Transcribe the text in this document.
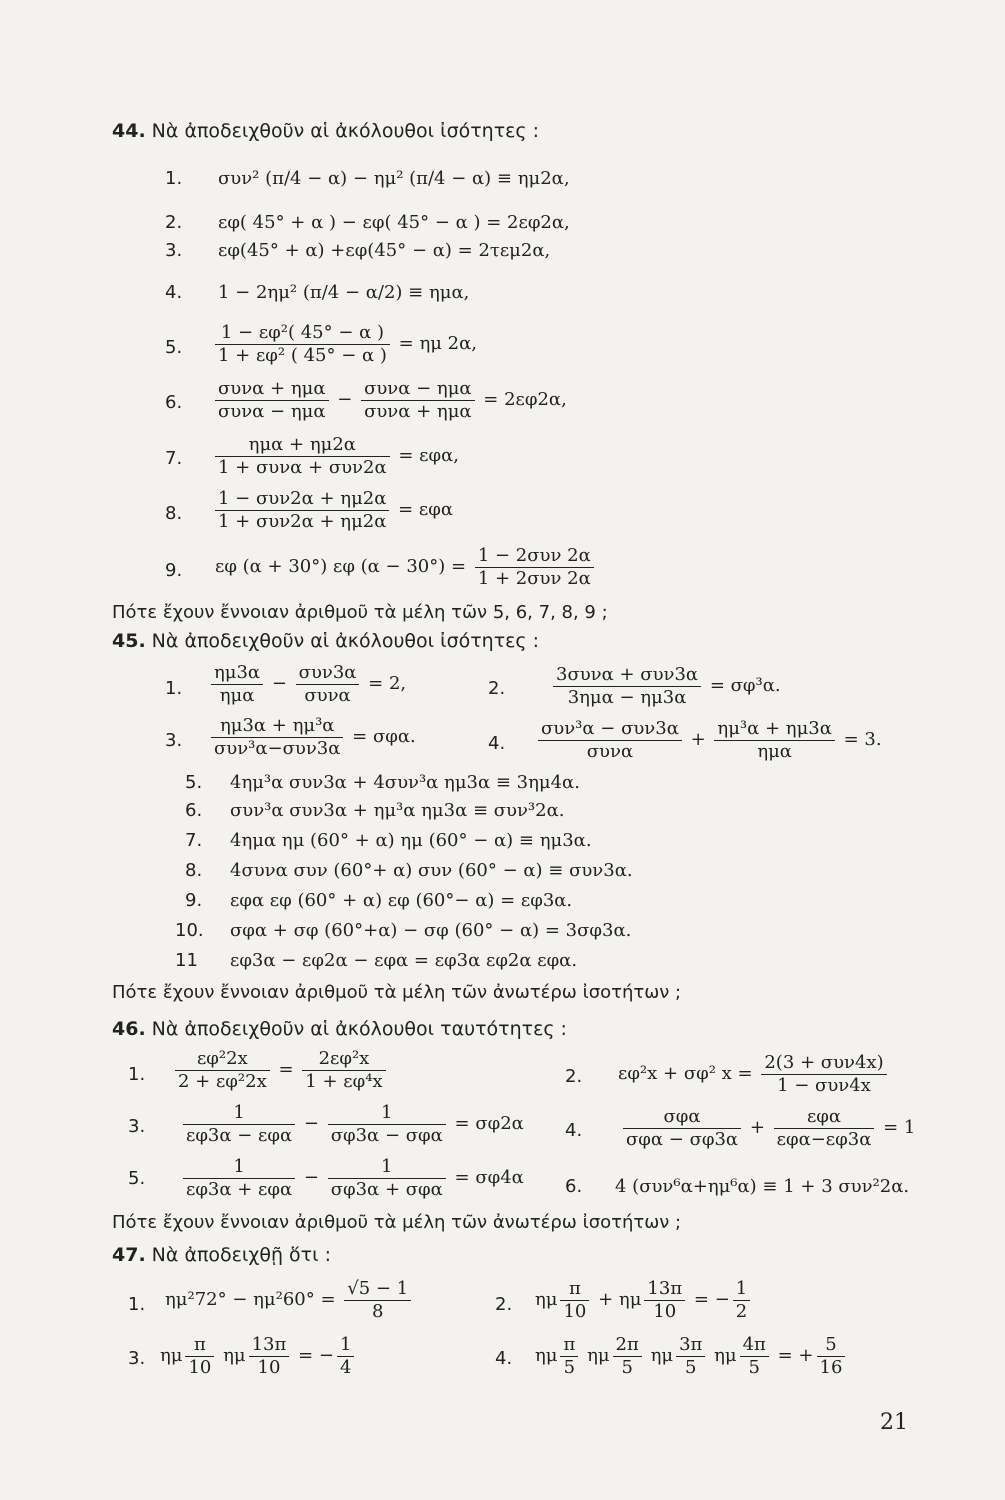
44. Νὰ ἀποδειχθοῦν αἱ ἀκόλουθοι ἰσότητες :
1. συν² (π/4 − α) − ημ² (π/4 − α) ≡ ημ2α,
2. εφ( 45° + α ) − εφ( 45° − α ) = 2εφ2α,
3. εφ(45° + α) +εφ(45° − α) = 2τεμ2α,
4. 1 − 2ημ² (π/4 − α/2) ≡ ημα,
5. $\frac{\text{1 − εφ²( 45° − α )}}{\text{1 + εφ² ( 45° − α )}} = \eta\mu$ 2α,
6. $\frac{\text{συνα + ημα}}{\text{συνα − ημα}} - \frac{\text{συνα − ημα}}{\text{συνα + ημα}} = 2\varepsilon\varphi 2\alpha$,
7. $\frac{\text{ημα + ημ2α}}{\text{1 + συνα + συν2α}} = \varepsilon\varphi\alpha$,
8. $\frac{\text{1 − συν2α + ημ2α}}{\text{1 + συν2α + ημ2α}} = \varepsilon\varphi\alpha$
9. εφ (α + 30°) εφ $(\alpha - 30^\circ) = \frac{\text{1 − 2συν 2α}}{\text{1 + 2συν 2α}}$
Πότε ἔχουν ἔννοιαν ἀριθμοῦ τὰ μέλη τῶν 5, 6, 7, 8, 9 ;
45. Νὰ ἀποδειχθοῦν αἱ ἀκόλουθοι ἰσότητες :
1. $\frac{\eta\mu 3\alpha}{\text{ημα}} - \frac{\text{συν3α}}{\text{συνα}} = 2$,	2.	$\frac{\text{3συνα + συν3α}}{\text{3ημα − ημ3α}} = \sigma\varphi^3\alpha$.
3. $\frac{\text{ημ3α + ημ³α}}{\text{συν³α−συν3α}} = \sigma\varphi\alpha$.	4. $\frac{\text{συν³α − συν3α}}{\text{συνα}} + \frac{\text{ημ³α + ημ3α}}{\text{ημα}} = 3$.
5. 4ημ³α συν3α + 4συν³α ημ3α ≡ 3ημ4α.
6. συν³α συν3α + ημ³α ημ3α ≡ συν³2α.
7. 4ημα ημ (60° + α) ημ (60° − α) ≡ ημ3α.
8. 4συνα συν (60°+ α) συν (60° − α) ≡ συν3α.
9. εφα εφ (60° + α) εφ (60°− α) = εφ3α.
10. σφα + σφ (60°+α) − σφ (60° − α) = 3σφ3α.
11 εφ3α − εφ2α − εφα = εφ3α εφ2α εφα.
Πότε ἔχουν ἔννοιαν ἀριθμοῦ τὰ μέλη τῶν ἀνωτέρω ἰσοτήτων ;
46. Νὰ ἀποδειχθοῦν αἱ ἀκόλουθοι ταυτότητες :
1. $\frac{\text{εφ²2x}}{\text{2 + εφ²2x}} = \frac{\text{2εφ²x}}{\text{1 + εφ⁴x}}$	2. εφ²x + σφ² $x = \frac{\text{2(3 + συν4x)}}{\text{1 − συν4x}}$
3. $\frac{1}{\text{εφ3α − εφα}} - \frac{1}{\text{σφ3α − σφα}} = \sigma\varphi 2\alpha$ 4. $\frac{\text{σφα}}{\text{σφα − σφ3α}} + \frac{\text{εφα}}{\text{εφα−εφ3α}} = 1$
5. $\frac{1}{\text{εφ3α + εφα}} - \frac{1}{\text{σφ3α + σφα}} = \sigma\varphi 4\alpha$ 6. 4 (συν⁶α+ημ⁶α) ≡ 1 + 3 συν²2α.
Πότε ἔχουν ἔννοιαν ἀριθμοῦ τὰ μέλη τῶν ἀνωτέρω ἰσοτήτων ;
47. Νὰ ἀποδειχθῇ ὅτι :
1. $\eta\mu^272^\circ - \eta\mu^260^\circ = \frac{√5 - 1}{8}$	2. ημ $\frac{\pi}{10} + \eta\mu \frac{13\pi}{10}$ = − $\frac{1}{2}$
3. ημ $\frac{\pi}{10}$ ημ $\frac{13\pi}{10}$ = − $\frac{1}{4}$	4. ημ $\frac{\pi}{5}$ ημ $\frac{2\pi}{5}$ ημ $\frac{3\pi}{5}$ ημ $\frac{4\pi}{5}$ = + $\frac{5}{16}$
21
